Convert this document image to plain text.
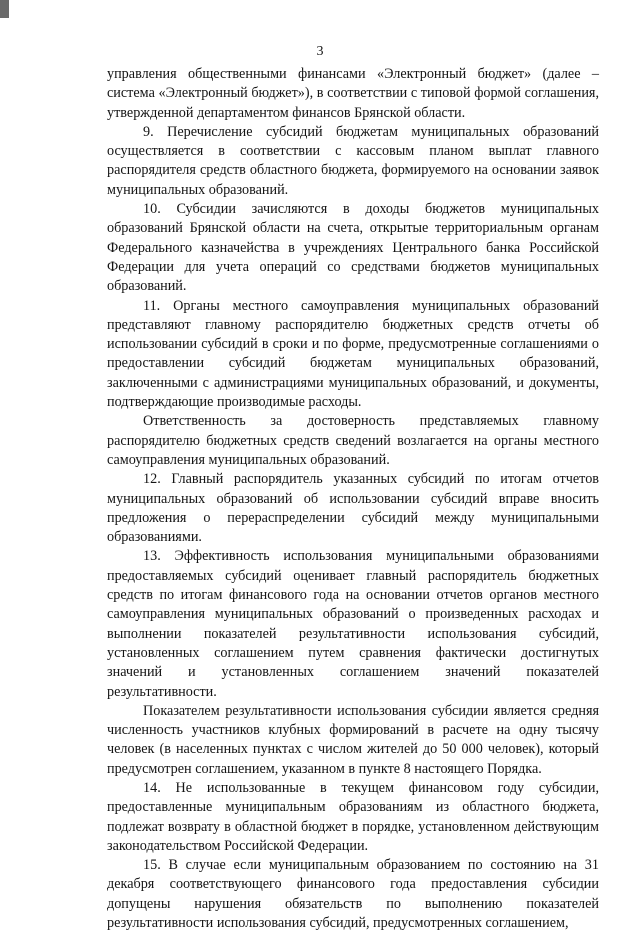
3

управления общественными финансами «Электронный бюджет» (далее – система «Электронный бюджет»), в соответствии с типовой формой соглашения, утвержденной департаментом финансов Брянской области.

9. Перечисление субсидий бюджетам муниципальных образований осуществляется в соответствии с кассовым планом выплат главного распорядителя средств областного бюджета, формируемого на основании заявок муниципальных образований.

10. Субсидии зачисляются в доходы бюджетов муниципальных образований Брянской области на счета, открытые территориальным органам Федерального казначейства в учреждениях Центрального банка Российской Федерации для учета операций со средствами бюджетов муниципальных образований.

11. Органы местного самоуправления муниципальных образований представляют главному распорядителю бюджетных средств отчеты об использовании субсидий в сроки и по форме, предусмотренные соглашениями о предоставлении субсидий бюджетам муниципальных образований, заключенными с администрациями муниципальных образований, и документы, подтверждающие производимые расходы.

Ответственность за достоверность представляемых главному распорядителю бюджетных средств сведений возлагается на органы местного самоуправления муниципальных образований.

12. Главный распорядитель указанных субсидий по итогам отчетов муниципальных образований об использовании субсидий вправе вносить предложения о перераспределении субсидий между муниципальными образованиями.

13. Эффективность использования муниципальными образованиями предоставляемых субсидий оценивает главный распорядитель бюджетных средств по итогам финансового года на основании отчетов органов местного самоуправления муниципальных образований о произведенных расходах и выполнении показателей результативности использования субсидий, установленных соглашением путем сравнения фактически достигнутых значений и установленных соглашением значений показателей результативности.

Показателем результативности использования субсидии является средняя численность участников клубных формирований в расчете на одну тысячу человек (в населенных пунктах с числом жителей до 50 000 человек), который предусмотрен соглашением, указанном в пункте 8 настоящего Порядка.

14. Не использованные в текущем финансовом году субсидии, предоставленные муниципальным образованиям из областного бюджета, подлежат возврату в областной бюджет в порядке, установленном действующим законодательством Российской Федерации.

15. В случае если муниципальным образованием по состоянию на 31 декабря соответствующего финансового года предоставления субсидии допущены нарушения обязательств по выполнению показателей результативности использования субсидий, предусмотренных соглашением,
